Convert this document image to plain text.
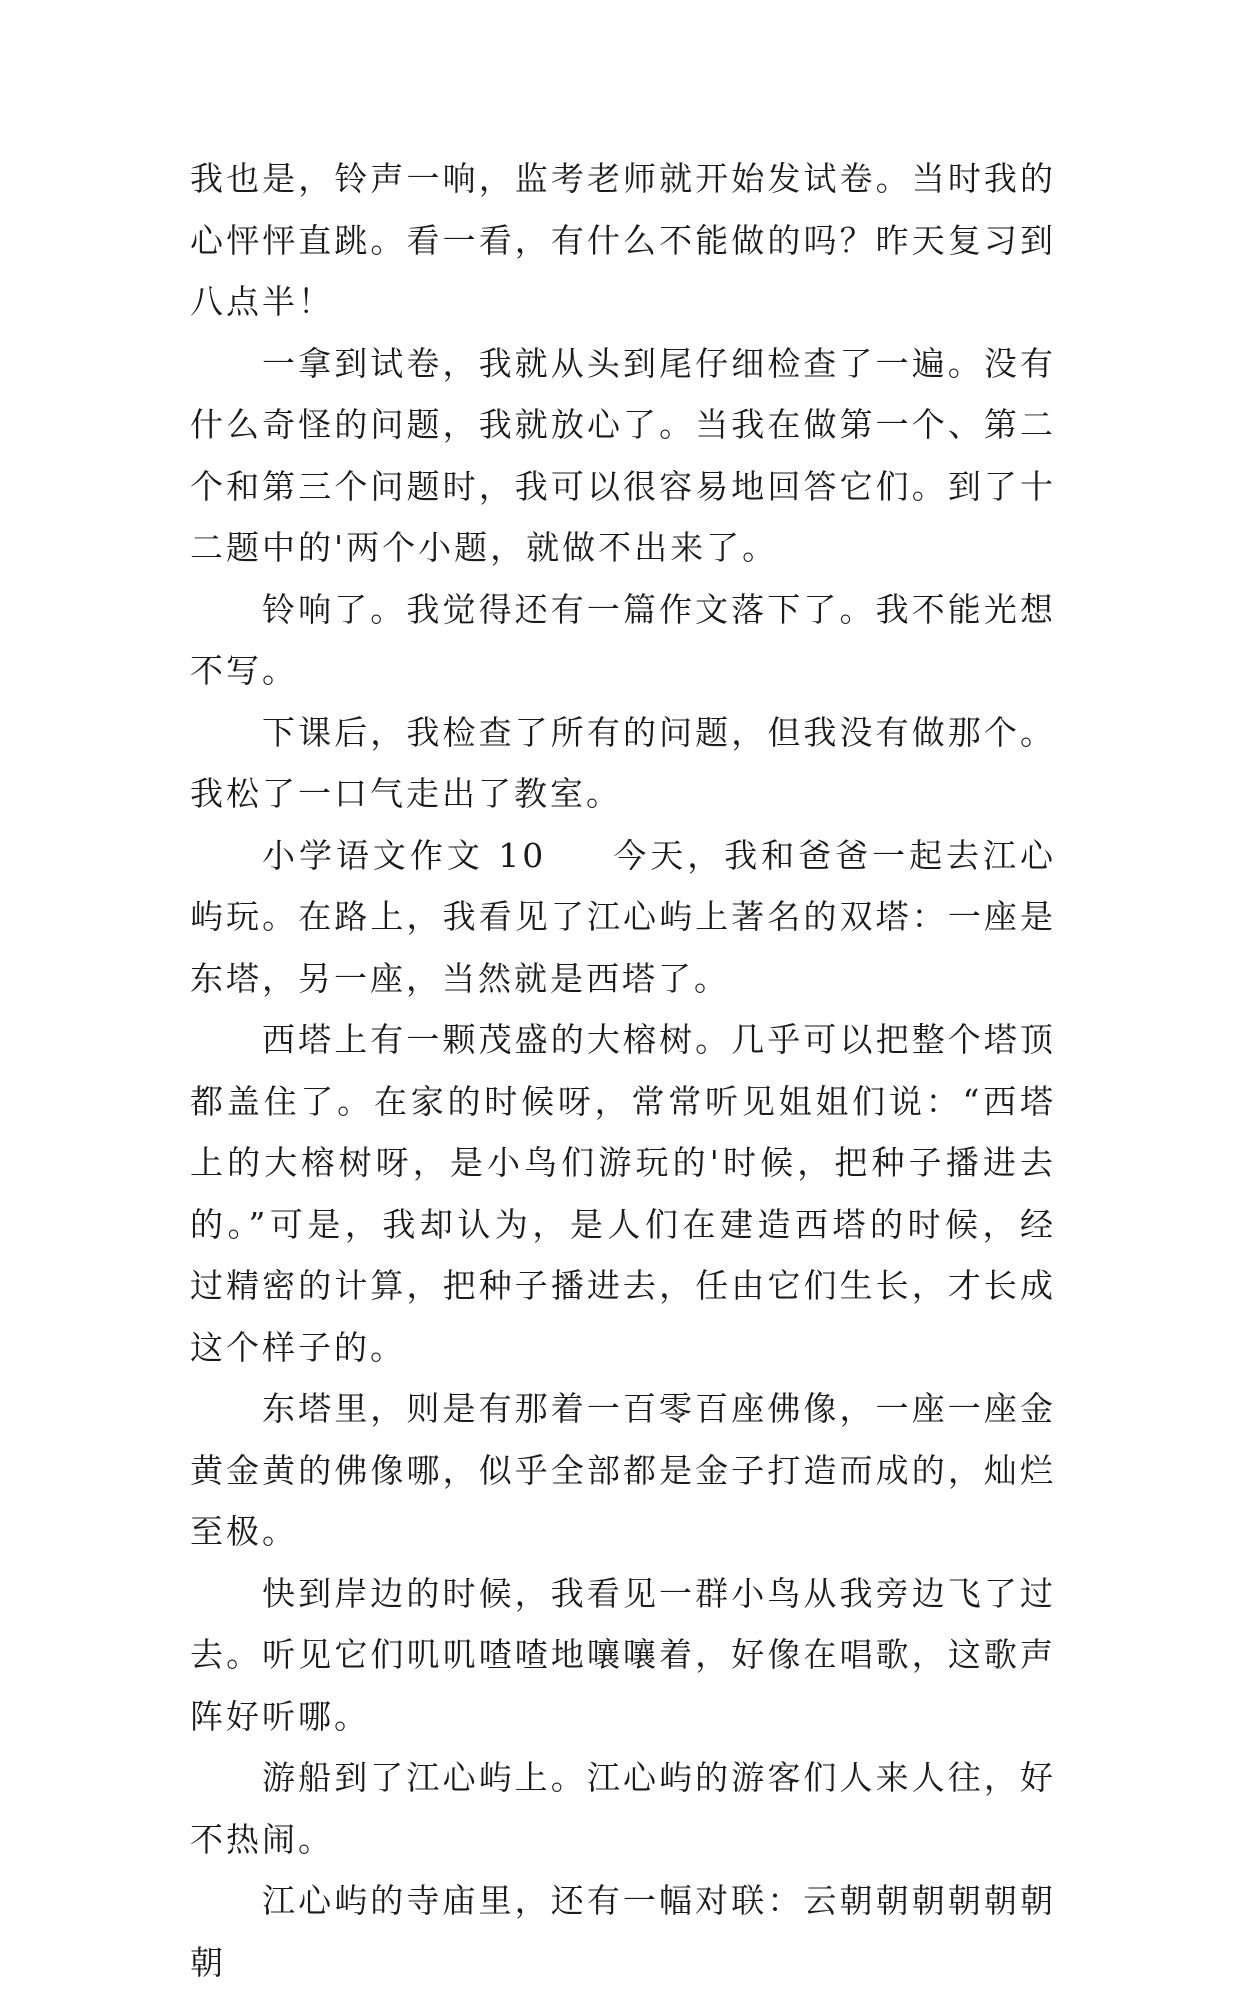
我也是，铃声一响，监考老师就开始发试卷。当时我的心怦怦直跳。看一看，有什么不能做的吗？昨天复习到八点半！

一拿到试卷，我就从头到尾仔细检查了一遍。没有什么奇怪的问题，我就放心了。当我在做第一个、第二个和第三个问题时，我可以很容易地回答它们。到了十二题中的'两个小题，就做不出来了。

铃响了。我觉得还有一篇作文落下了。我不能光想不写。

下课后，我检查了所有的问题，但我没有做那个。我松了一口气走出了教室。

小学语文作文 10 今天，我和爸爸一起去江心屿玩。在路上，我看见了江心屿上著名的双塔：一座是东塔，另一座，当然就是西塔了。

西塔上有一颗茂盛的大榕树。几乎可以把整个塔顶都盖住了。在家的时候呀，常常听见姐姐们说：“西塔上的大榕树呀，是小鸟们游玩的'时候，把种子播进去的。”可是，我却认为，是人们在建造西塔的时候，经过精密的计算，把种子播进去，任由它们生长，才长成这个样子的。

东塔里，则是有那着一百零百座佛像，一座一座金黄金黄的佛像哪，似乎全部都是金子打造而成的，灿烂至极。

快到岸边的时候，我看见一群小鸟从我旁边飞了过去。听见它们叽叽喳喳地嚷嚷着，好像在唱歌，这歌声阵好听哪。

游船到了江心屿上。江心屿的游客们人来人往，好不热闹。

江心屿的寺庙里，还有一幅对联：云朝朝朝朝朝朝朝
